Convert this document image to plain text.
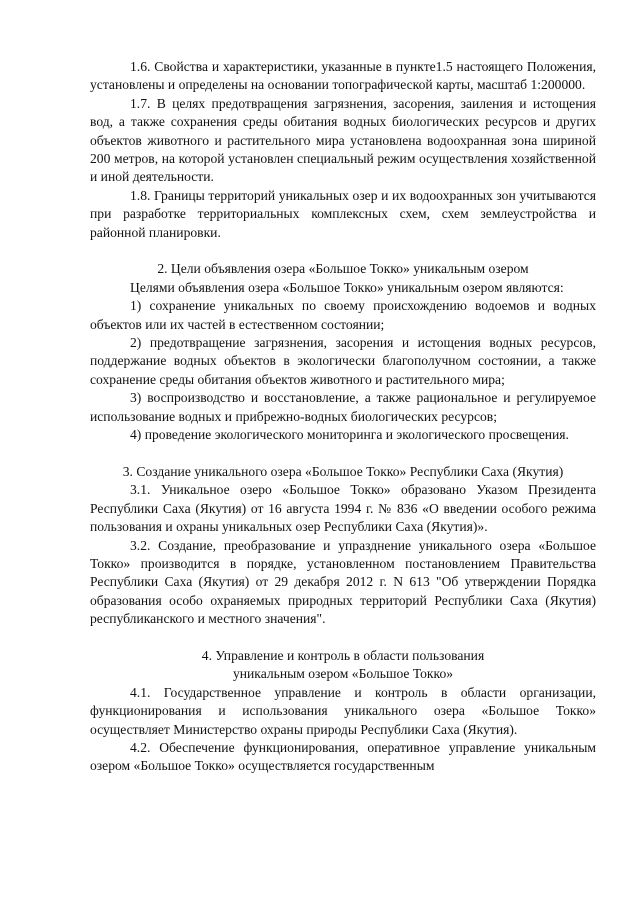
1.6. Свойства и характеристики, указанные в пункте1.5 настоящего Положения, установлены и определены на основании топографической карты, масштаб 1:200000.

1.7. В целях предотвращения загрязнения, засорения, заиления и истощения вод, а также сохранения среды обитания водных биологических ресурсов и других объектов животного и растительного мира установлена водоохранная зона шириной 200 метров, на которой установлен специальный режим осуществления хозяйственной и иной деятельности.

1.8. Границы территорий уникальных озер и их водоохранных зон учитываются при разработке территориальных комплексных схем, схем землеустройства и районной планировки.

2. Цели объявления озера «Большое Токко» уникальным озером

Целями объявления озера «Большое Токко» уникальным озером являются:

1) сохранение уникальных по своему происхождению водоемов и водных объектов или их частей в естественном состоянии;

2) предотвращение загрязнения, засорения и истощения водных ресурсов, поддержание водных объектов в экологически благополучном состоянии, а также сохранение среды обитания объектов животного и растительного мира;

3) воспроизводство и восстановление, а также рациональное и регулируемое использование водных и прибрежно-водных биологических ресурсов;

4) проведение экологического мониторинга и экологического просвещения.

3. Создание уникального озера «Большое Токко» Республики Саха (Якутия)

3.1. Уникальное озеро «Большое Токко» образовано Указом Президента Республики Саха (Якутия) от 16 августа 1994 г. № 836 «О введении особого режима пользования и охраны уникальных озер Республики Саха (Якутия)».

3.2. Создание, преобразование и упразднение уникального озера «Большое Токко» производится в порядке, установленном постановлением Правительства Республики Саха (Якутия) от 29 декабря 2012 г. N 613 "Об утверждении Порядка образования особо охраняемых природных территорий Республики Саха (Якутия) республиканского и местного значения".

4. Управление и контроль в области пользования

уникальным озером «Большое Токко»

4.1. Государственное управление и контроль в области организации, функционирования и использования уникального озера «Большое Токко» осуществляет Министерство охраны природы Республики Саха (Якутия).

4.2. Обеспечение функционирования, оперативное управление уникальным озером «Большое Токко» осуществляется государственным
